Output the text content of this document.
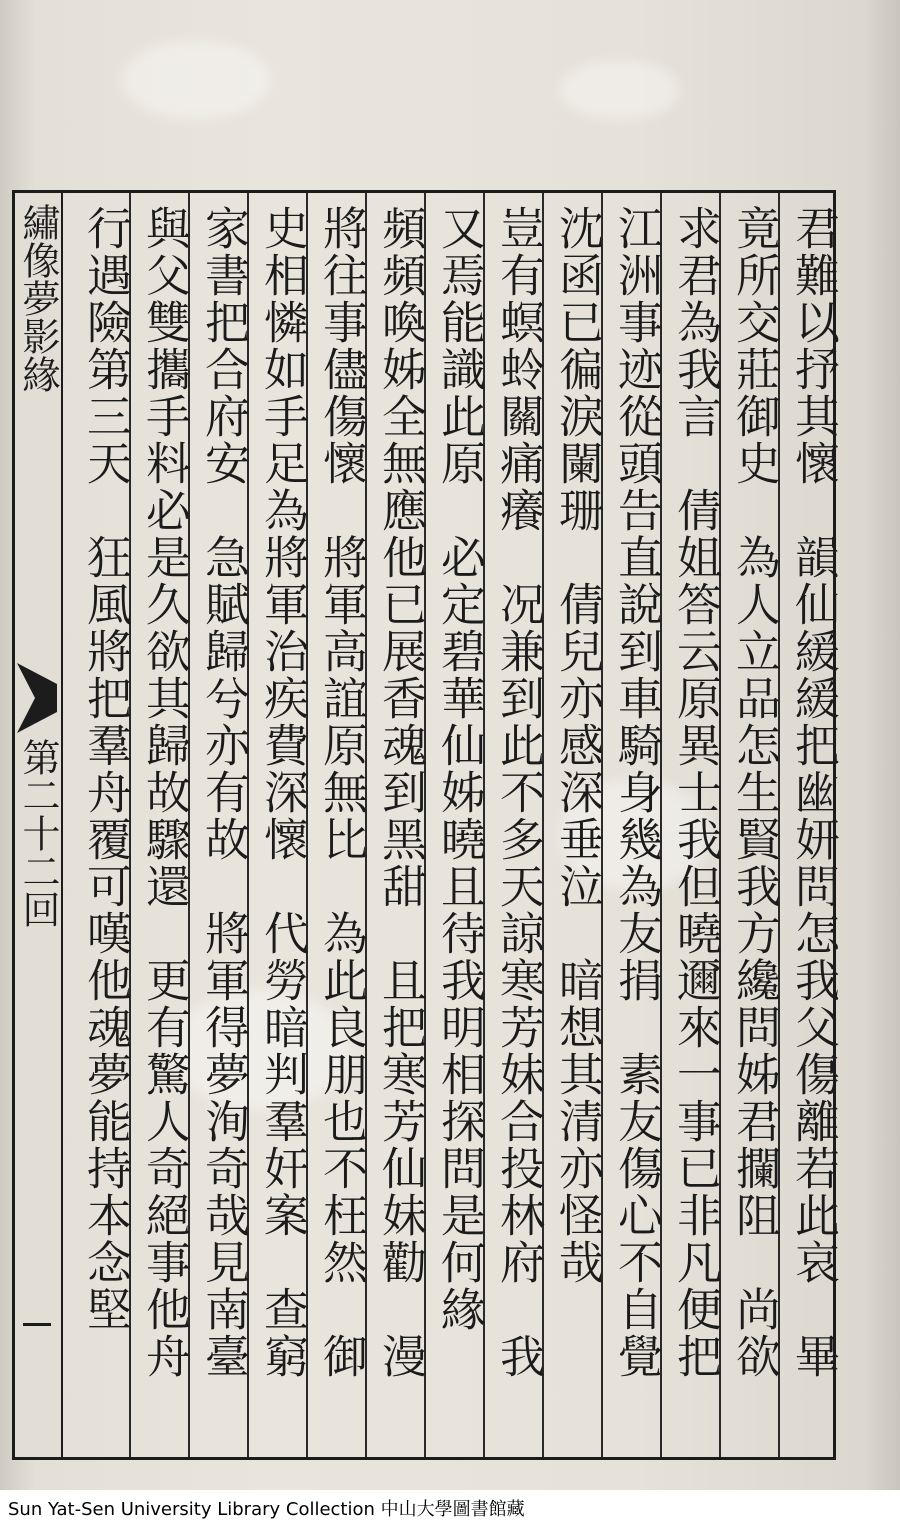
繡像夢影緣
第二十二回	君難以抒其懷　韻仙緩緩把幽妍問怎我父傷離若此哀　畢
竟所交莊御史　為人立品怎生賢我方纔問姊君攔阻　尚欲
求君為我言　倩姐答云原異士我但曉邇來一事已非凡便把
江洲事迹從頭告直說到車騎身幾為友捐　素友傷心不自覺
沈函已徧淚闌珊　倩兒亦感深垂泣　暗想其清亦怪哉
豈有螟蛉關痛癢　况兼到此不多天諒寒芳妹合投林府　我
又焉能識此原　必定碧華仙姊曉且待我明相探問是何緣
頻頻喚姊全無應他已展香魂到黑甜　且把寒芳仙妹勸　漫
將往事儘傷懷　將軍高誼原無比　為此良朋也不枉然　御
史相憐如手足為將軍治疾費深懷　代勞暗判羣奸案　查窮
家書把合府安　急賦歸兮亦有故　將軍得夢洵奇哉見南臺
與父雙攜手料必是久欲其歸故驟還　更有驚人奇絕事他舟
行遇險第三天　狂風將把羣舟覆可嘆他魂夢能持本念堅
Sun Yat-Sen University Library Collection 中山大學圖書館藏
